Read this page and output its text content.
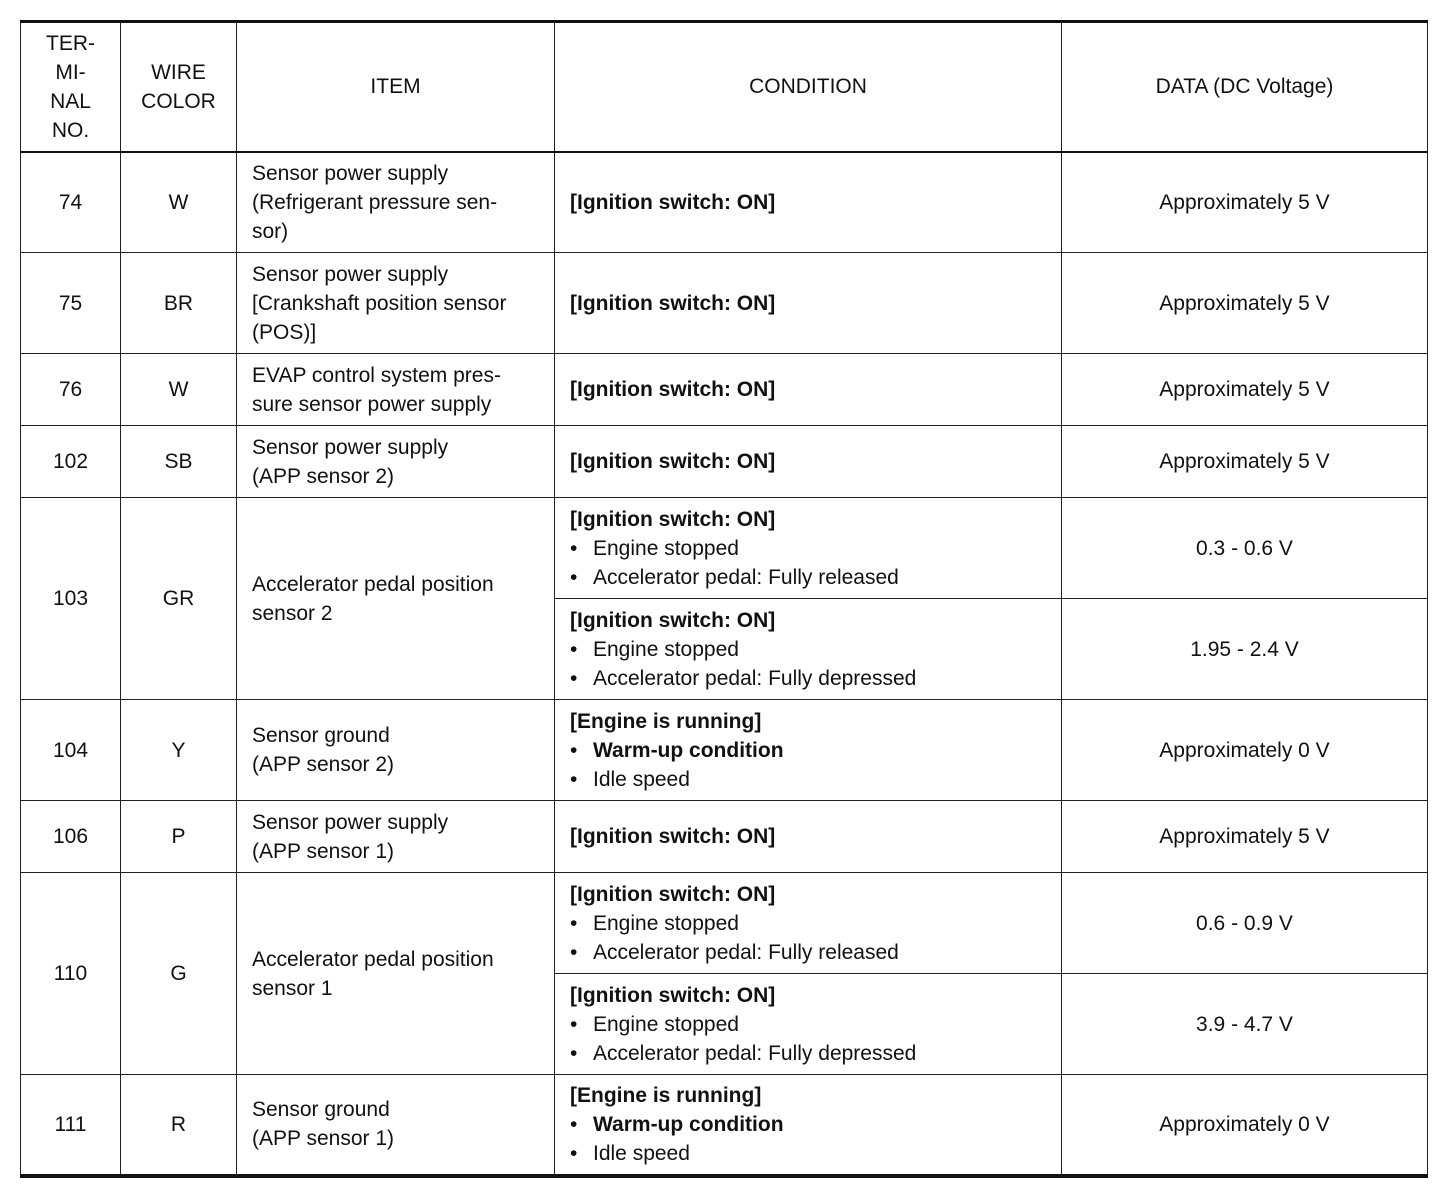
TER-
MI-
NAL
NO.	WIRE
COLOR	ITEM	CONDITION	DATA (DC Voltage)
74	W	Sensor power supply
(Refrigerant pressure sen-
sor)	[Ignition switch: ON]	Approximately 5 V
75	BR	Sensor power supply
[Crankshaft position sensor
(POS)]	[Ignition switch: ON]	Approximately 5 V
76	W	EVAP control system pres-
sure sensor power supply	[Ignition switch: ON]	Approximately 5 V
102	SB	Sensor power supply
(APP sensor 2)	[Ignition switch: ON]	Approximately 5 V
103	GR	Accelerator pedal position
sensor 2	[Ignition switch: ON]
• Engine stopped
• Accelerator pedal: Fully released	0.3 - 0.6 V

			[Ignition switch: ON]
• Engine stopped
• Accelerator pedal: Fully depressed	1.95 - 2.4 V
104	Y	Sensor ground
(APP sensor 2)	[Engine is running]
• Warm-up condition
• Idle speed	Approximately 0 V
106	P	Sensor power supply
(APP sensor 1)	[Ignition switch: ON]	Approximately 5 V
110	G	Accelerator pedal position
sensor 1	[Ignition switch: ON]
• Engine stopped
• Accelerator pedal: Fully released	0.6 - 0.9 V

			[Ignition switch: ON]
• Engine stopped
• Accelerator pedal: Fully depressed	3.9 - 4.7 V
111	R	Sensor ground
(APP sensor 1)	[Engine is running]
• Warm-up condition
• Idle speed	Approximately 0 V
